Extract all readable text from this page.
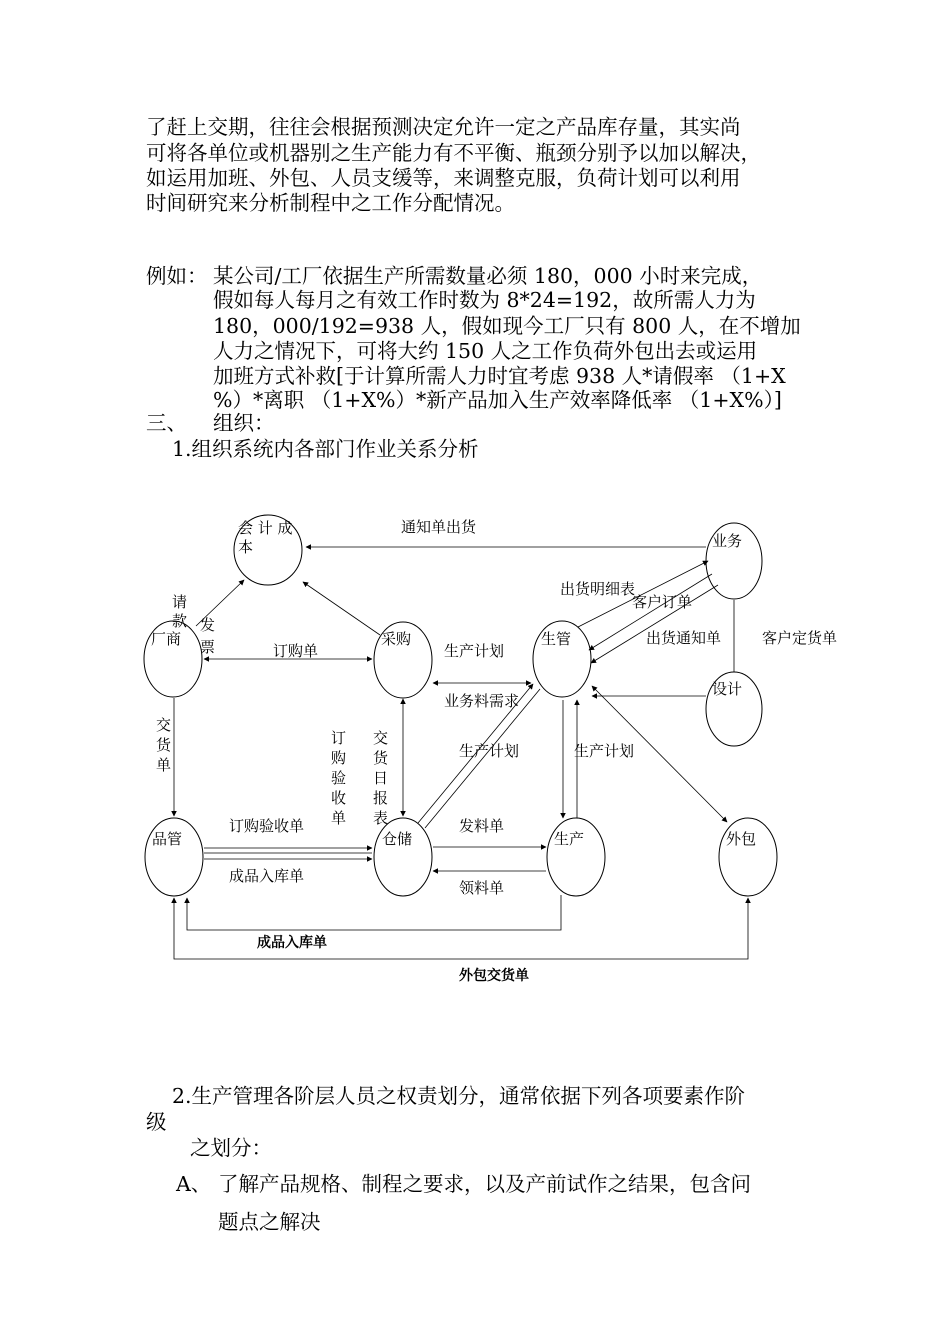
了赶上交期，往往会根据预测决定允许一定之产品库存量，其实尚
可将各单位或机器别之生产能力有不平衡、瓶颈分别予以加以解决，
如运用加班、外包、人员支缓等，来调整克服，负荷计划可以利用
时间研究来分析制程中之工作分配情况。
例如： 某公司/工厂依据生产所需数量必须 180，000 小时来完成，
假如每人每月之有效工作时数为 8*24=192，故所需人力为
180，000/192=938 人，假如现今工厂只有 800 人，在不增加
人力之情况下，可将大约 150 人之工作负荷外包出去或运用
加班方式补救[于计算所需人力时宜考虑 938 人*请假率 （1+X
%）*离职 （1+X%）*新产品加入生产效率降低率 （1+X%）]
三、 组织：
1.组织系统内各部门作业关系分析
会 计 成
本	业务
厂商	采购	生管
设计
品管	仓储	生产	外包
通知单出货
出货明细表
客户订单
出货通知单	客户定货单
请
款 发
票	订购单	生产计划
业务料需求
交
货
单
订
购
验
收
单
交
货
日
报
表
生产计划	生产计划
订购验收单
成品入库单
发料单
领料单
成品入库单
外包交货单
2.生产管理各阶层人员之权责划分，通常依据下列各项要素作阶
级
之划分：
A、 了解产品规格、制程之要求，以及产前试作之结果，包含问
题点之解决
